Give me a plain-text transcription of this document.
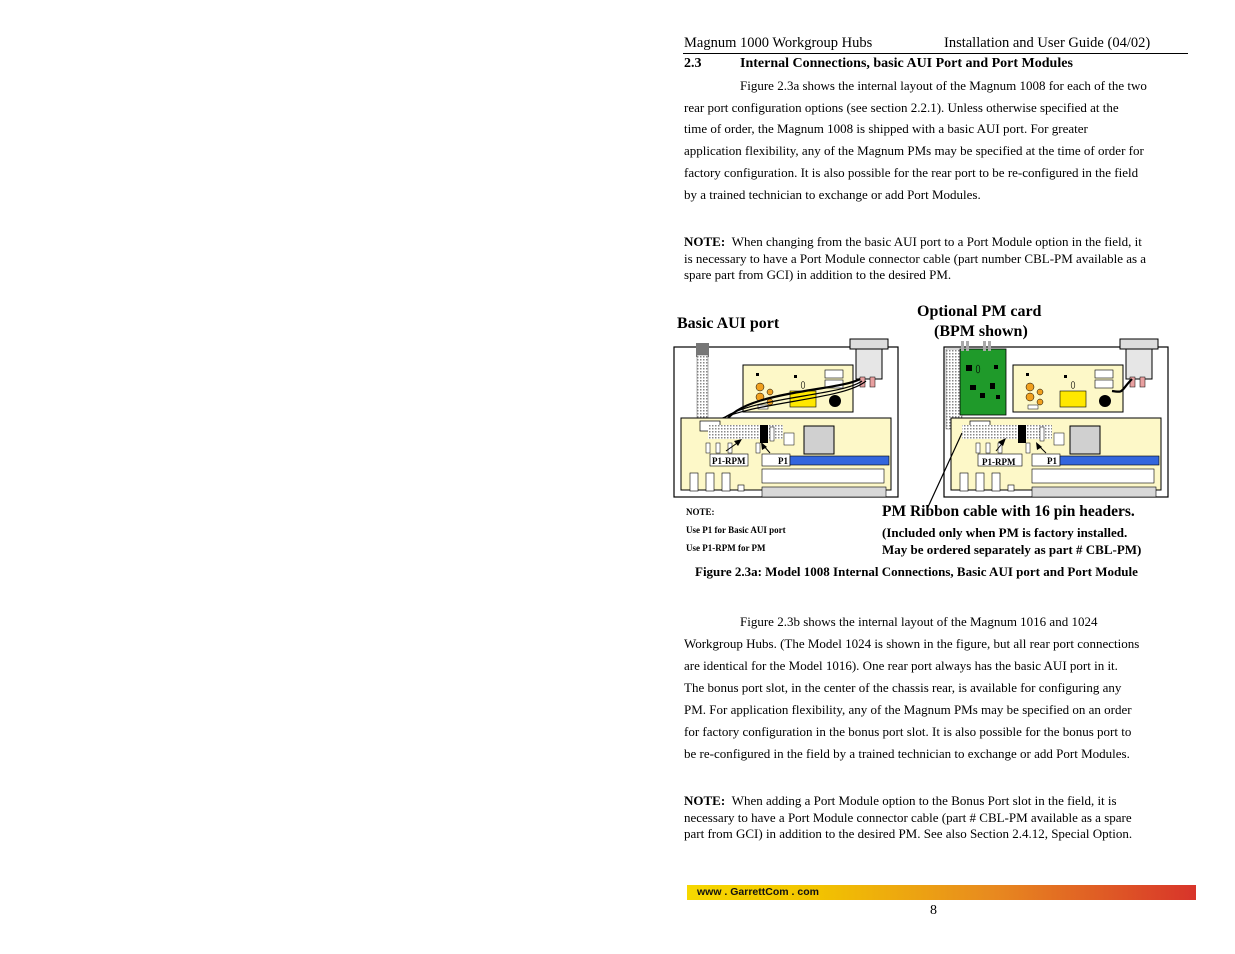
Magnum 1000 Workgroup Hubs	Installation and User Guide (04/02)
2.3	Internal Connections, basic AUI Port and Port Modules
Figure 2.3a shows the internal layout of the Magnum 1008 for each of the two
rear port configuration options (see section 2.2.1). Unless otherwise specified at the
time of order, the Magnum 1008 is shipped with a basic AUI port. For greater
application flexibility, any of the Magnum PMs may be specified at the time of order for
factory configuration. It is also possible for the rear port to be re-configured in the field
by a trained technician to exchange or add Port Modules.
NOTE: When changing from the basic AUI port to a Port Module option in the field, it
is necessary to have a Port Module connector cable (part number CBL-PM available as a
spare part from GCI) in addition to the desired PM.
Basic AUI port
Optional PM card
(BPM shown)
P1-RPM	P1	P1-RPM	P1
NOTE:
Use P1 for Basic AUI port
Use P1-RPM for PM
PM Ribbon cable with 16 pin headers.
(Included only when PM is factory installed.
May be ordered separately as part # CBL-PM)
Figure 2.3a: Model 1008 Internal Connections, Basic AUI port and Port Module
Figure 2.3b shows the internal layout of the Magnum 1016 and 1024
Workgroup Hubs. (The Model 1024 is shown in the figure, but all rear port connections
are identical for the Model 1016). One rear port always has the basic AUI port in it.
The bonus port slot, in the center of the chassis rear, is available for configuring any
PM. For application flexibility, any of the Magnum PMs may be specified on an order
for factory configuration in the bonus port slot. It is also possible for the bonus port to
be re-configured in the field by a trained technician to exchange or add Port Modules.
NOTE: When adding a Port Module option to the Bonus Port slot in the field, it is
necessary to have a Port Module connector cable (part # CBL-PM available as a spare
part from GCI) in addition to the desired PM. See also Section 2.4.12, Special Option.
www . GarrettCom . com
8
